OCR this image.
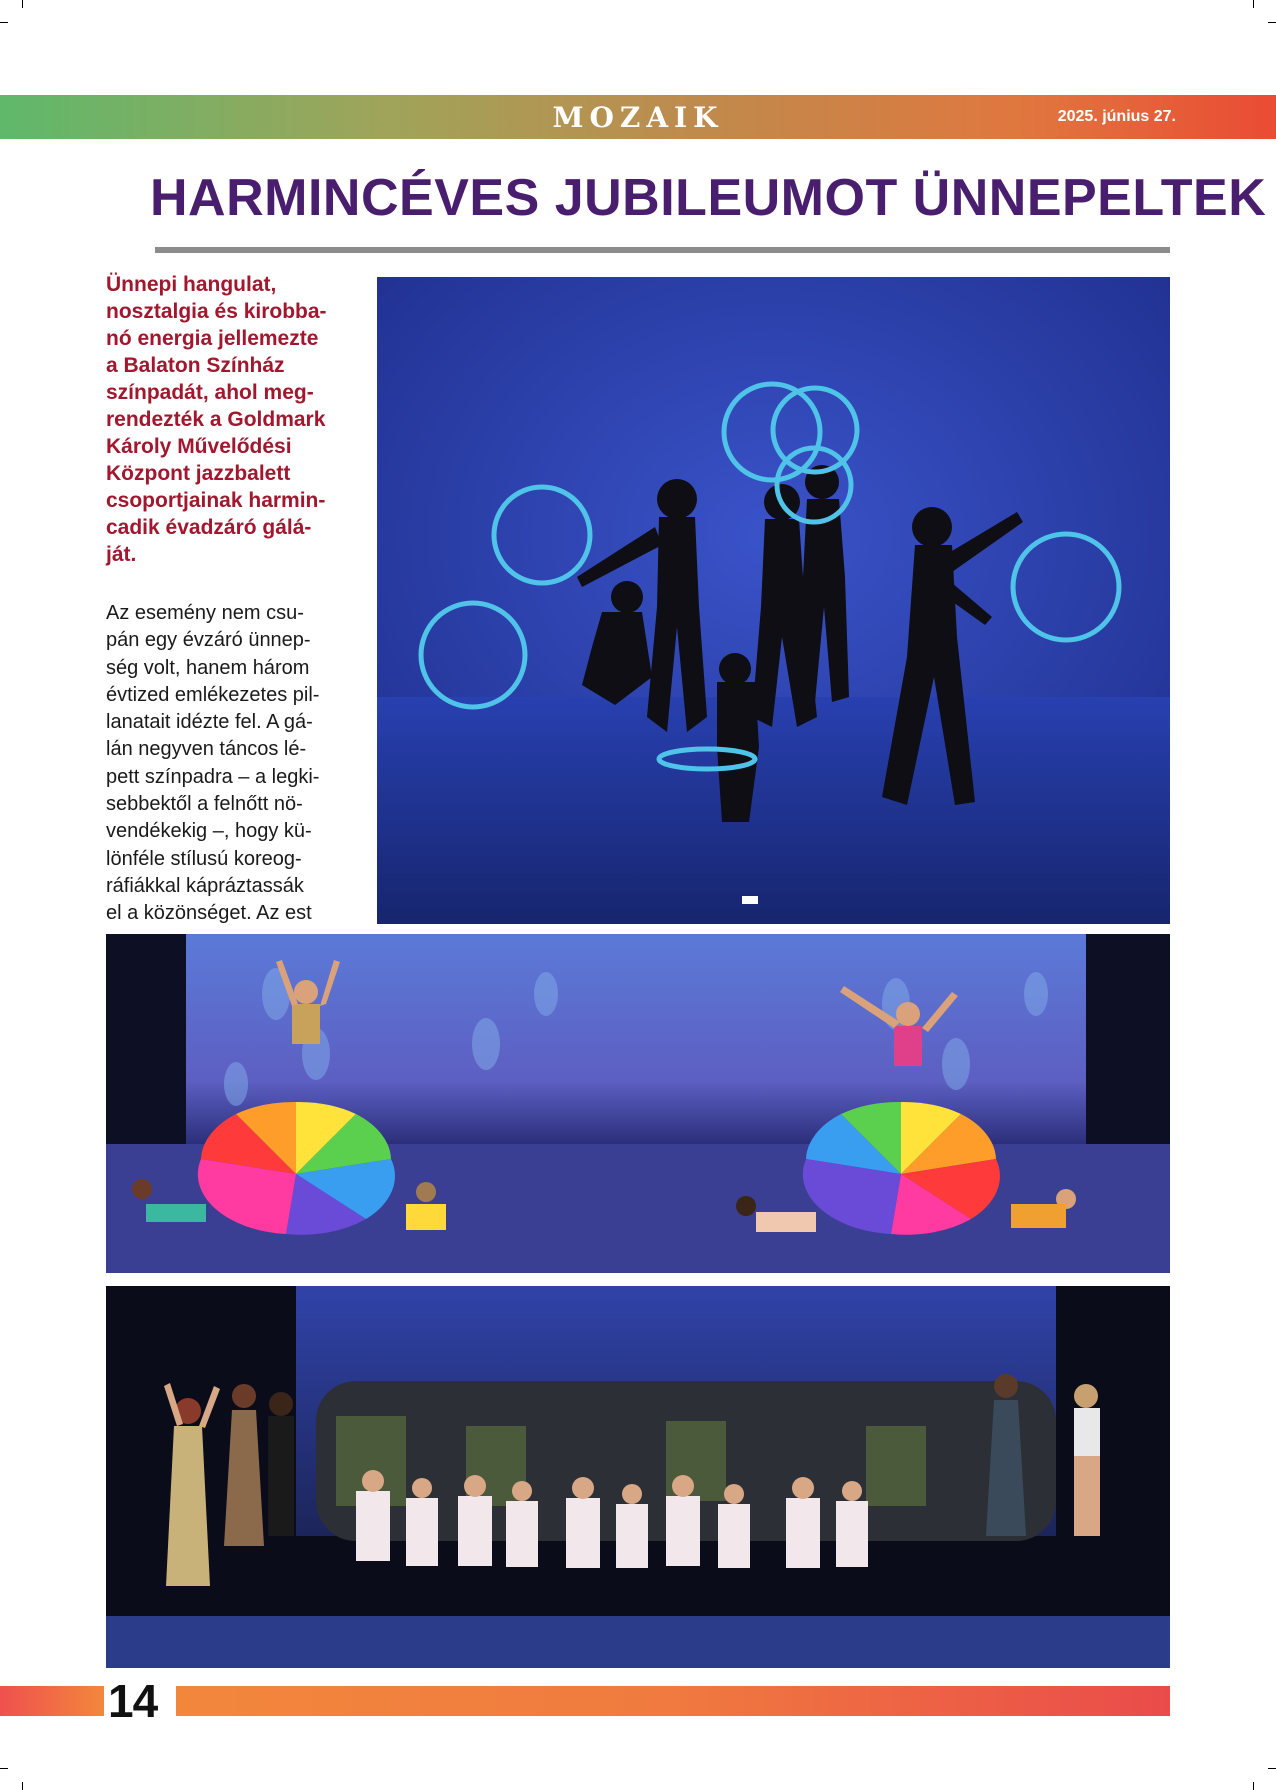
MOZAIK	2025. június 27.
HARMINCÉVES JUBILEUMOT ÜNNEPELTEK

Ünnepi hangulat,
nosztalgia és kirobba-
nó energia jellemezte
a Balaton Színház
színpadát, ahol meg-
rendezték a Goldmark
Károly Művelődési
Központ jazzbalett
csoportjainak harmin-
cadik évadzáró gálá-
ját.

Az esemény nem csu-
pán egy évzáró ünnep-
ség volt, hanem három
évtized emlékezetes pil-
lanatait idézte fel. A gá-
lán negyven táncos lé-
pett színpadra – a legki-
sebbektől a felnőtt nö-
vendékekig –, hogy kü-
lönféle stílusú koreog-
ráfiákkal kápráztassák
el a közönséget. Az est

14
